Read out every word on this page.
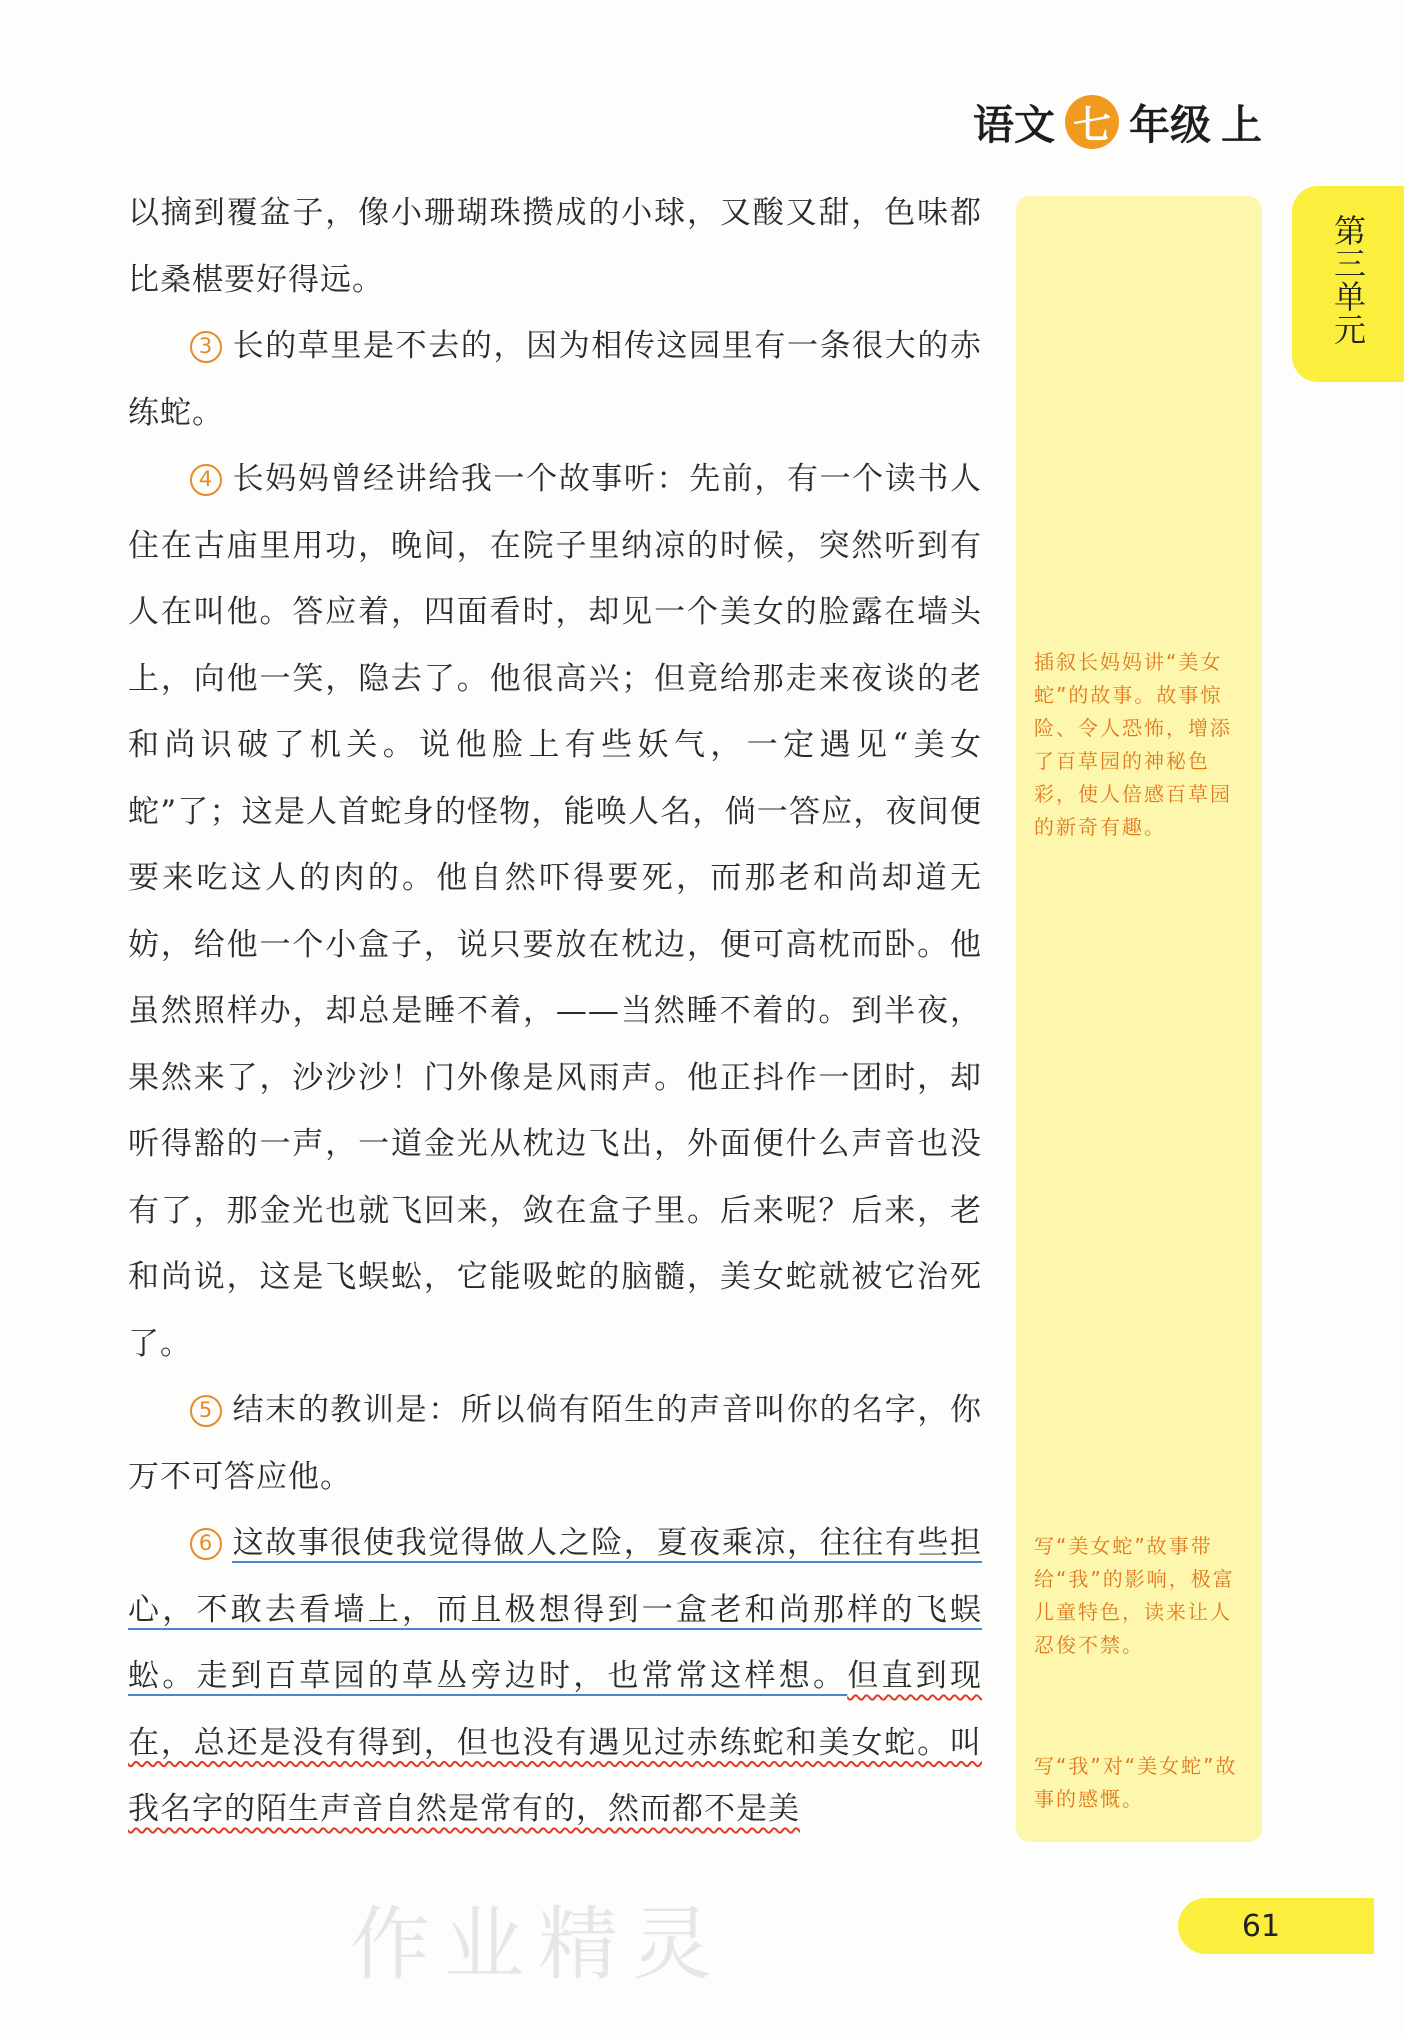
语文 七 年级 上
第三单元
插叙长妈妈讲“美女蛇”的故事。故事惊险、令人恐怖，增添了百草园的神秘色彩，使人倍感百草园的新奇有趣。
写“美女蛇”故事带给“我”的影响，极富儿童特色，读来让人忍俊不禁。
写“我”对“美女蛇”故事的感慨。

以摘到覆盆子，像小珊瑚珠攒成的小球，又酸又甜，色味都比桑椹要好得远。

3 长的草里是不去的，因为相传这园里有一条很大的赤练蛇。

4 长妈妈曾经讲给我一个故事听：先前，有一个读书人住在古庙里用功，晚间，在院子里纳凉的时候，突然听到有人在叫他。答应着，四面看时，却见一个美女的脸露在墙头上，向他一笑，隐去了。他很高兴；但竟给那走来夜谈的老和尚识破了机关。说他脸上有些妖气，一定遇见“美女蛇”了；这是人首蛇身的怪物，能唤人名，倘一答应，夜间便要来吃这人的肉的。他自然吓得要死，而那老和尚却道无妨，给他一个小盒子，说只要放在枕边，便可高枕而卧。他虽然照样办，却总是睡不着，——当然睡不着的。到半夜，果然来了，沙沙沙！门外像是风雨声。他正抖作一团时，却听得豁的一声，一道金光从枕边飞出，外面便什么声音也没有了，那金光也就飞回来，敛在盒子里。后来呢？后来，老和尚说，这是飞蜈蚣，它能吸蛇的脑髓，美女蛇就被它治死了。

5 结末的教训是：所以倘有陌生的声音叫你的名字，你万不可答应他。

6 这故事很使我觉得做人之险，夏夜乘凉，往往有些担心，不敢去看墙上，而且极想得到一盒老和尚那样的飞蜈蚣。走到百草园的草丛旁边时，也常常这样想。但直到现在，总还是没有得到，但也没有遇见过赤练蛇和美女蛇。叫我名字的陌生声音自然是常有的，然而都不是美

作业精灵	61
